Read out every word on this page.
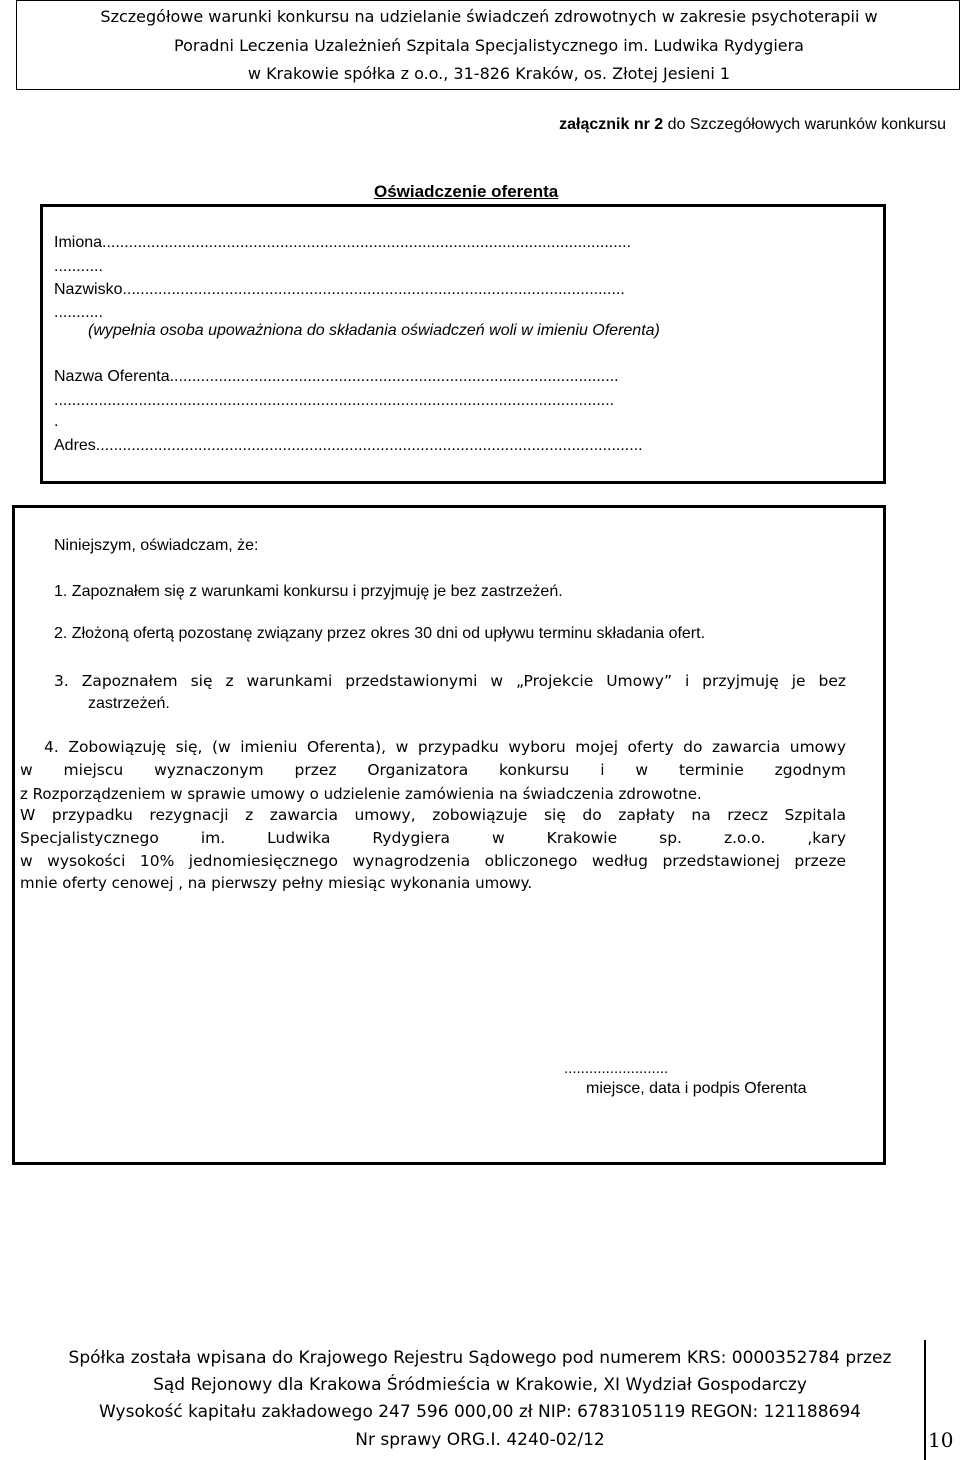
Szczegółowe warunki konkursu na udzielanie świadczeń zdrowotnych w zakresie psychoterapii w
Poradni Leczenia Uzależnień Szpitala Specjalistycznego im. Ludwika Rydygiera
w Krakowie spółka z o.o., 31-826 Kraków, os. Złotej Jesieni 1
załącznik nr 2 do Szczegółowych warunków konkursu
Oświadczenie oferenta
Imiona.......................................................................................................................
...........
Nazwisko.................................................................................................................
...........
(wypełnia osoba upoważniona do składania oświadczeń woli w imieniu Oferenta)
Nazwa Oferenta.....................................................................................................
..............................................................................................................................
.
Adres...........................................................................................................................
Niniejszym, oświadczam, że:
1. Zapoznałem się z warunkami konkursu i przyjmuję je bez zastrzeżeń.
2. Złożoną ofertą pozostanę związany przez okres 30 dni od upływu terminu składania ofert.
3. Zapoznałem się z warunkami przedstawionymi w „Projekcie Umowy” i przyjmuję je bez
zastrzeżeń.
4. Zobowiązuję się, (w imieniu Oferenta), w przypadku wyboru mojej oferty do zawarcia umowy
w miejscu wyznaczonym przez Organizatora konkursu i w terminie zgodnym
z Rozporządzeniem w sprawie umowy o udzielenie zamówienia na świadczenia zdrowotne.
W przypadku rezygnacji z zawarcia umowy, zobowiązuje się do zapłaty na rzecz Szpitala
Specjalistycznego im. Ludwika Rydygiera w Krakowie sp. z.o.o. ,kary
w wysokości 10% jednomiesięcznego wynagrodzenia obliczonego według przedstawionej przeze
mnie oferty cenowej , na pierwszy pełny miesiąc wykonania umowy.
.........................
miejsce, data i podpis Oferenta
Spółka została wpisana do Krajowego Rejestru Sądowego pod numerem KRS: 0000352784 przez
Sąd Rejonowy dla Krakowa Śródmieścia w Krakowie, XI Wydział Gospodarczy
Wysokość kapitału zakładowego 247 596 000,00 zł NIP: 6783105119 REGON: 121188694
Nr sprawy ORG.I. 4240-02/12	10
